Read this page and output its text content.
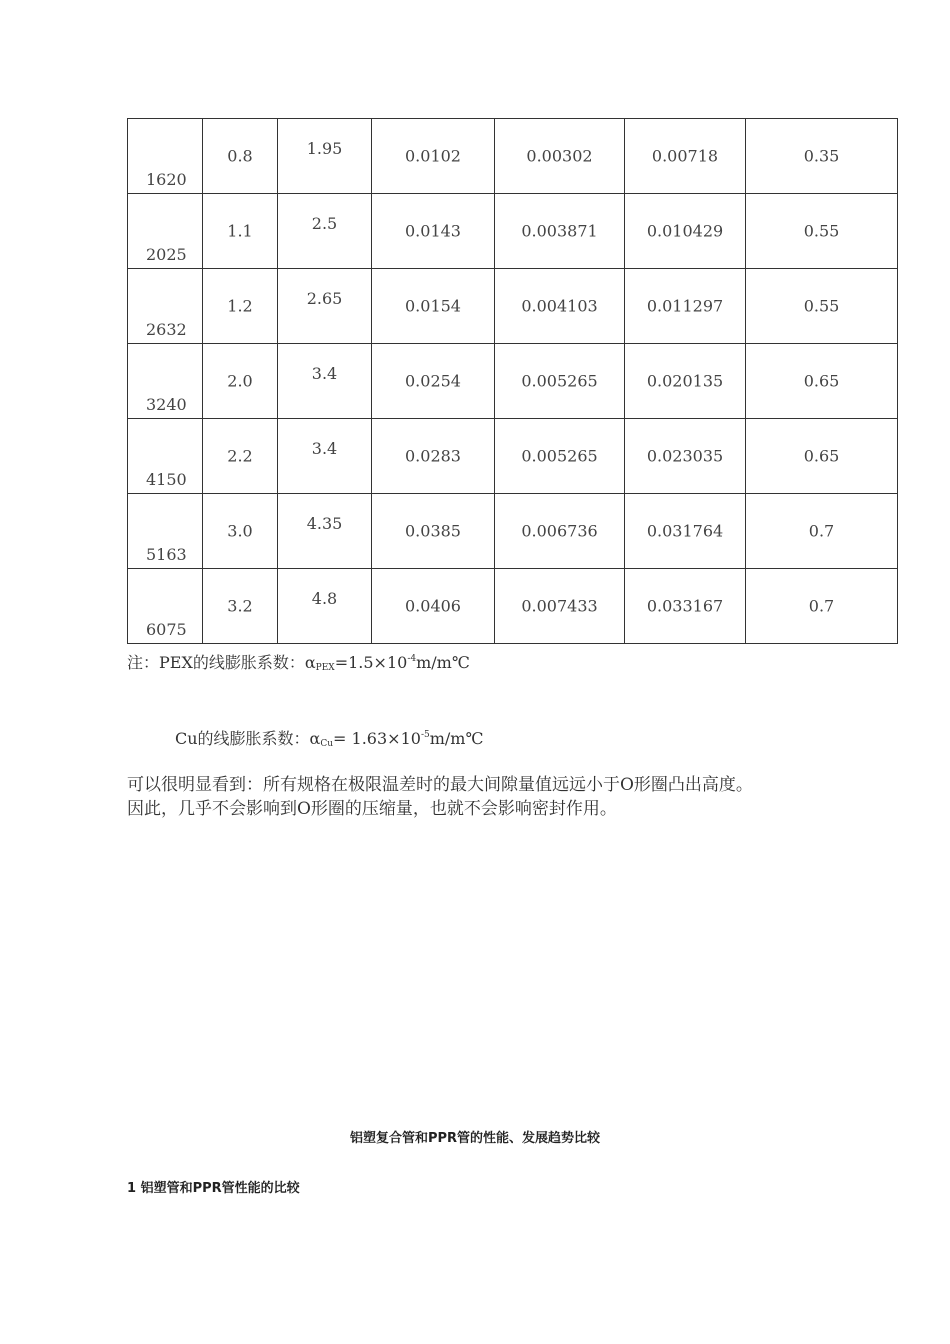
1620	0.8	1.95	0.0102	0.00302	0.00718	0.35

2025	1.1	2.5	0.0143	0.003871	0.010429	0.55

2632	1.2	2.65	0.0154	0.004103	0.011297	0.55

3240	2.0	3.4	0.0254	0.005265	0.020135	0.65

4150	2.2	3.4	0.0283	0.005265	0.023035	0.65

5163	3.0	4.35	0.0385	0.006736	0.031764	0.7

6075	3.2	4.8	0.0406	0.007433	0.033167	0.7
注：PEX的线膨胀系数：$\alpha_{PEX}=1.5\times 10^{-4}m/m℃$
Cu的线膨胀系数：$\alpha_{Cu}=$ $1.63\times 10^{-5}m/m℃$
可以很明显看到：所有规格在极限温差时的最大间隙量值远远小于O形圈凸出高度。
因此，几乎不会影响到O形圈的压缩量，也就不会影响密封作用。
铝塑复合管和PPR管的性能、发展趋势比较
1 铝塑管和PPR管性能的比较
